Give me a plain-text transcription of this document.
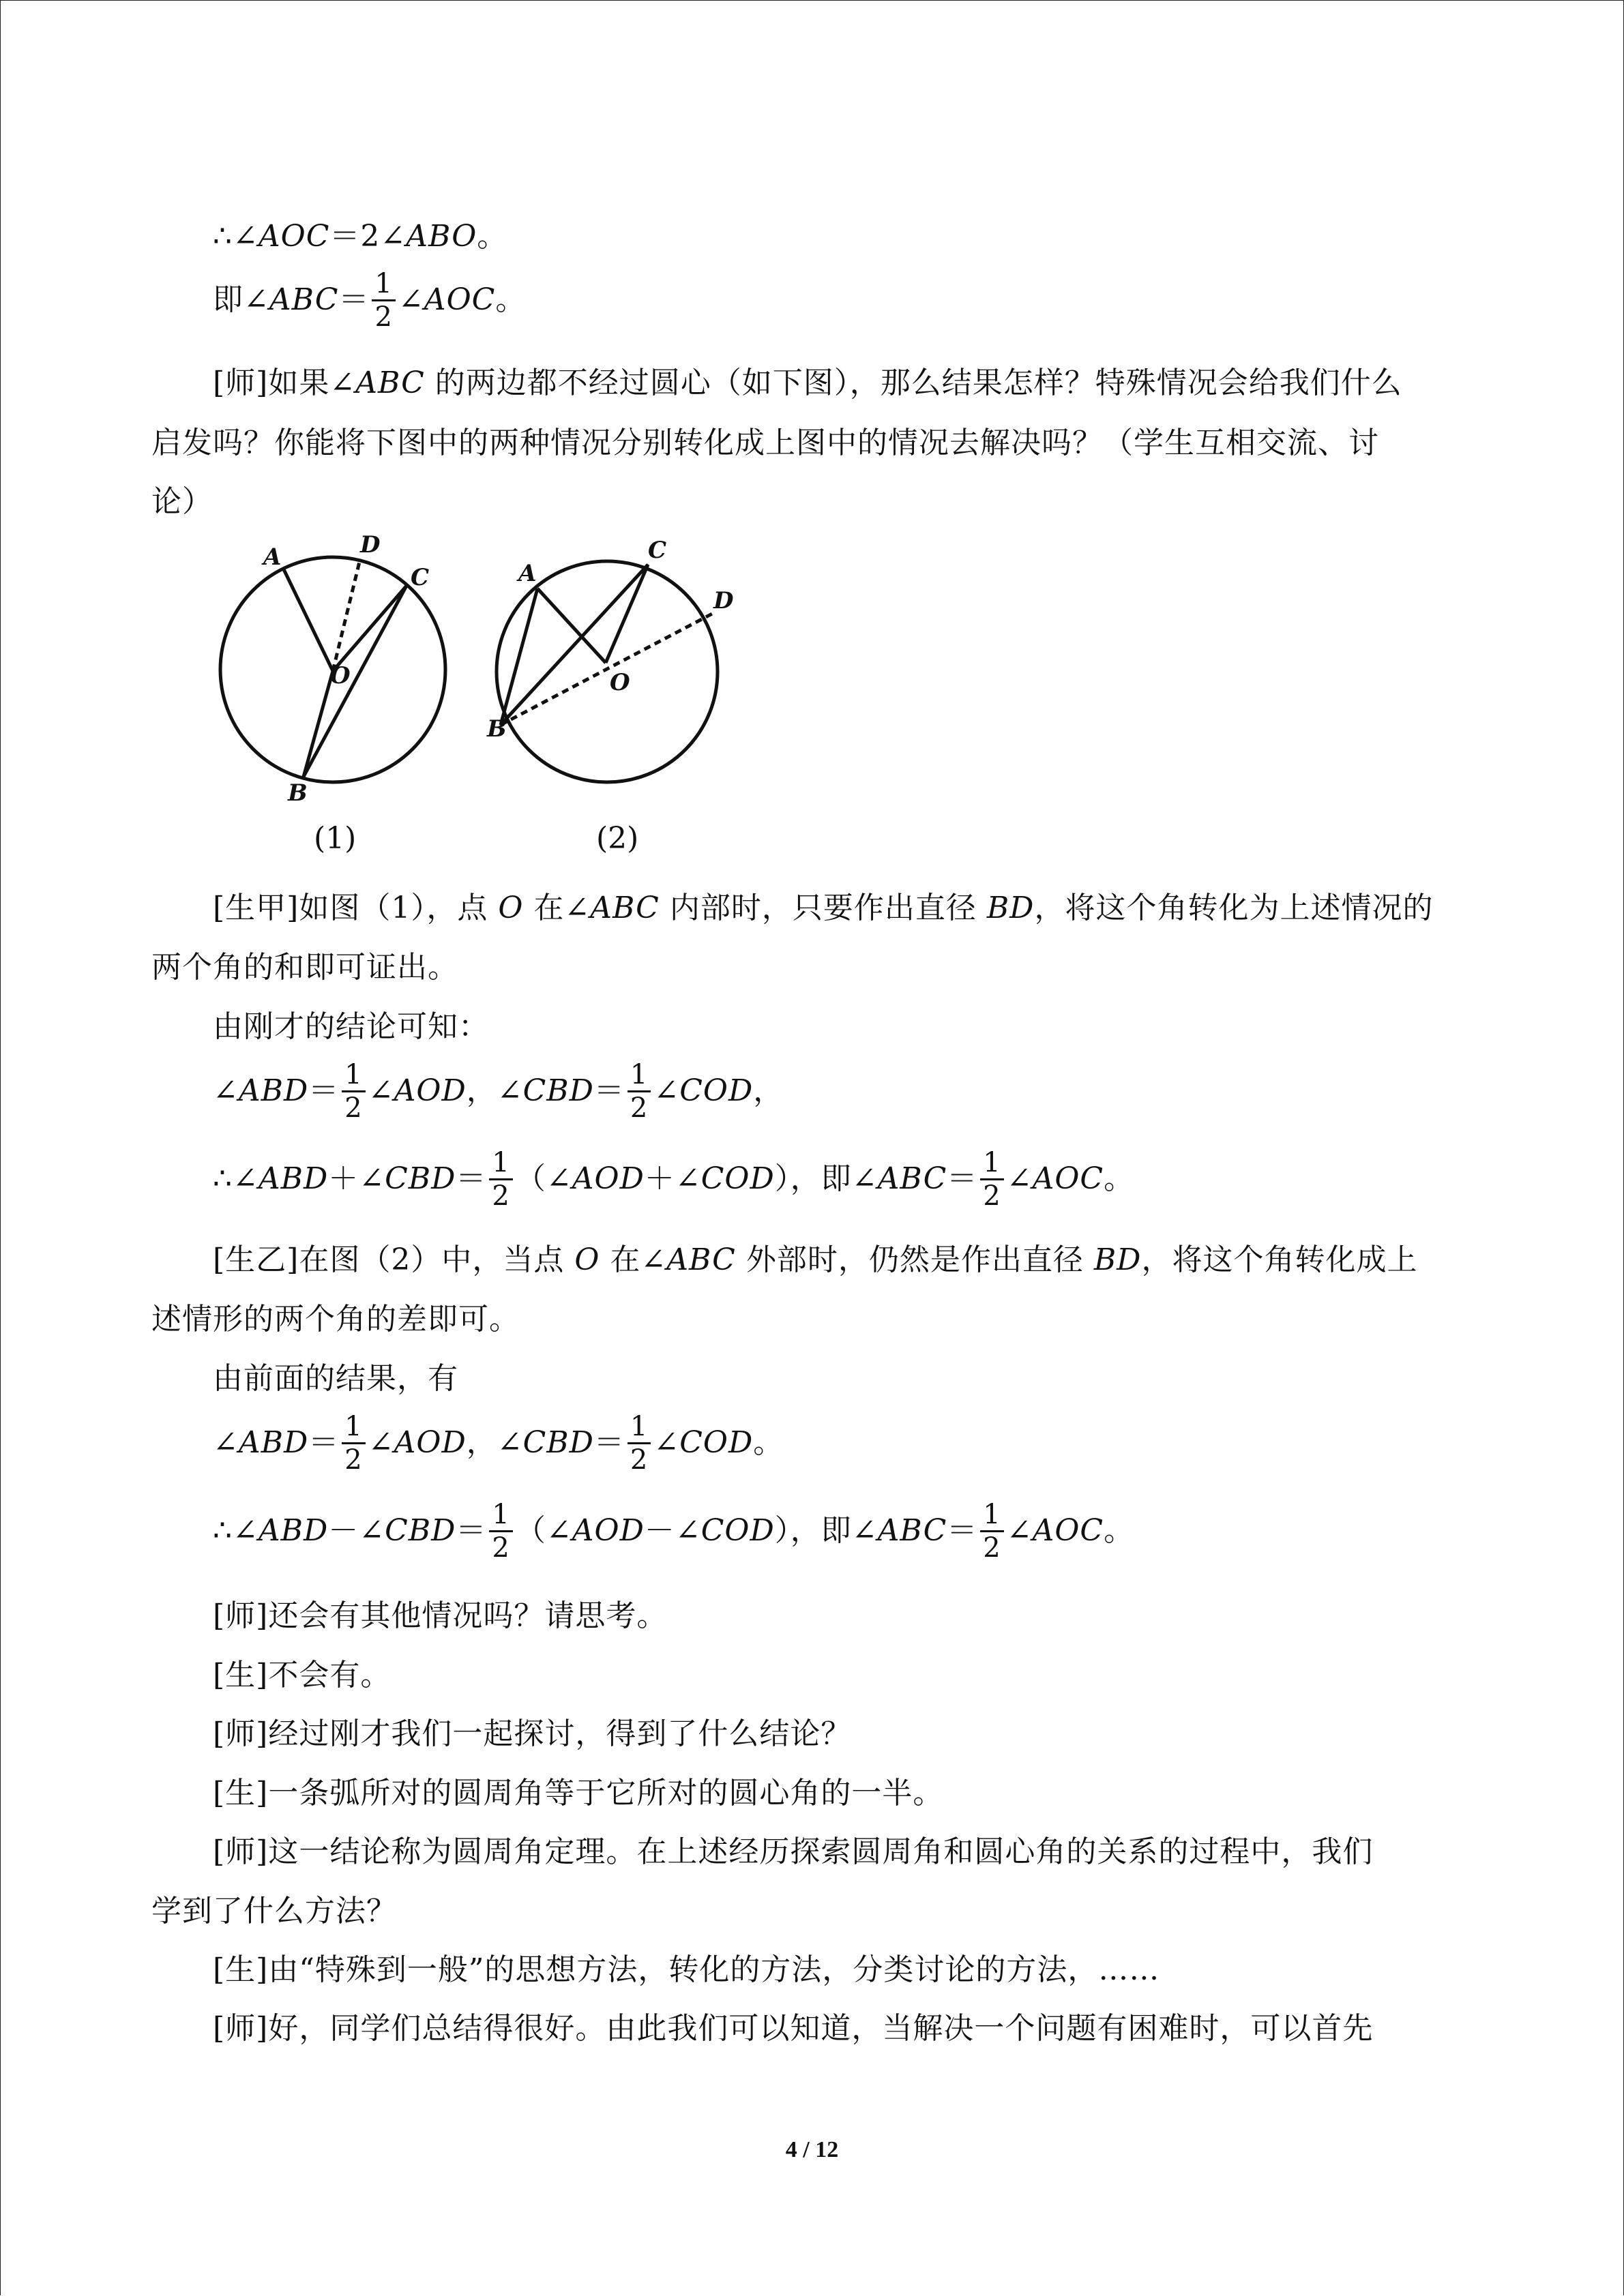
∴∠AOC＝2∠ABO。
即∠ABC＝ $\frac{1}{2}$ ∠AOC。
[师]如果∠ABC 的两边都不经过圆心（如下图），那么结果怎样？特殊情况会给我们什么
启发吗？你能将下图中的两种情况分别转化成上图中的情况去解决吗？（学生互相交流、讨
论）
A	D
C
O
B
A
C
D
O
B
(1)	(2)
[生甲]如图（1），点 O 在∠ABC 内部时，只要作出直径 BD，将这个角转化为上述情况的
两个角的和即可证出。
由刚才的结论可知：
∠ABD＝ $\frac{1}{2}$ ∠AOD，∠CBD＝ $\frac{1}{2}$ ∠COD，
∴∠ABD＋∠CBD＝ $\frac{1}{2}$ （∠AOD＋∠COD），即∠ABC＝ $\frac{1}{2}$ ∠AOC。
[生乙]在图（2）中，当点 O 在∠ABC 外部时，仍然是作出直径 BD，将这个角转化成上
述情形的两个角的差即可。
由前面的结果，有
∠ABD＝ $\frac{1}{2}$ ∠AOD，∠CBD＝ $\frac{1}{2}$ ∠COD。
∴∠ABD－∠CBD＝ $\frac{1}{2}$ （∠AOD－∠COD），即∠ABC＝ $\frac{1}{2}$ ∠AOC。
[师]还会有其他情况吗？请思考。
[生]不会有。
[师]经过刚才我们一起探讨，得到了什么结论？
[生]一条弧所对的圆周角等于它所对的圆心角的一半。
[师]这一结论称为圆周角定理。在上述经历探索圆周角和圆心角的关系的过程中，我们
学到了什么方法？
[生]由“特殊到一般”的思想方法，转化的方法，分类讨论的方法，……
[师]好，同学们总结得很好。由此我们可以知道，当解决一个问题有困难时，可以首先
4 / 12
